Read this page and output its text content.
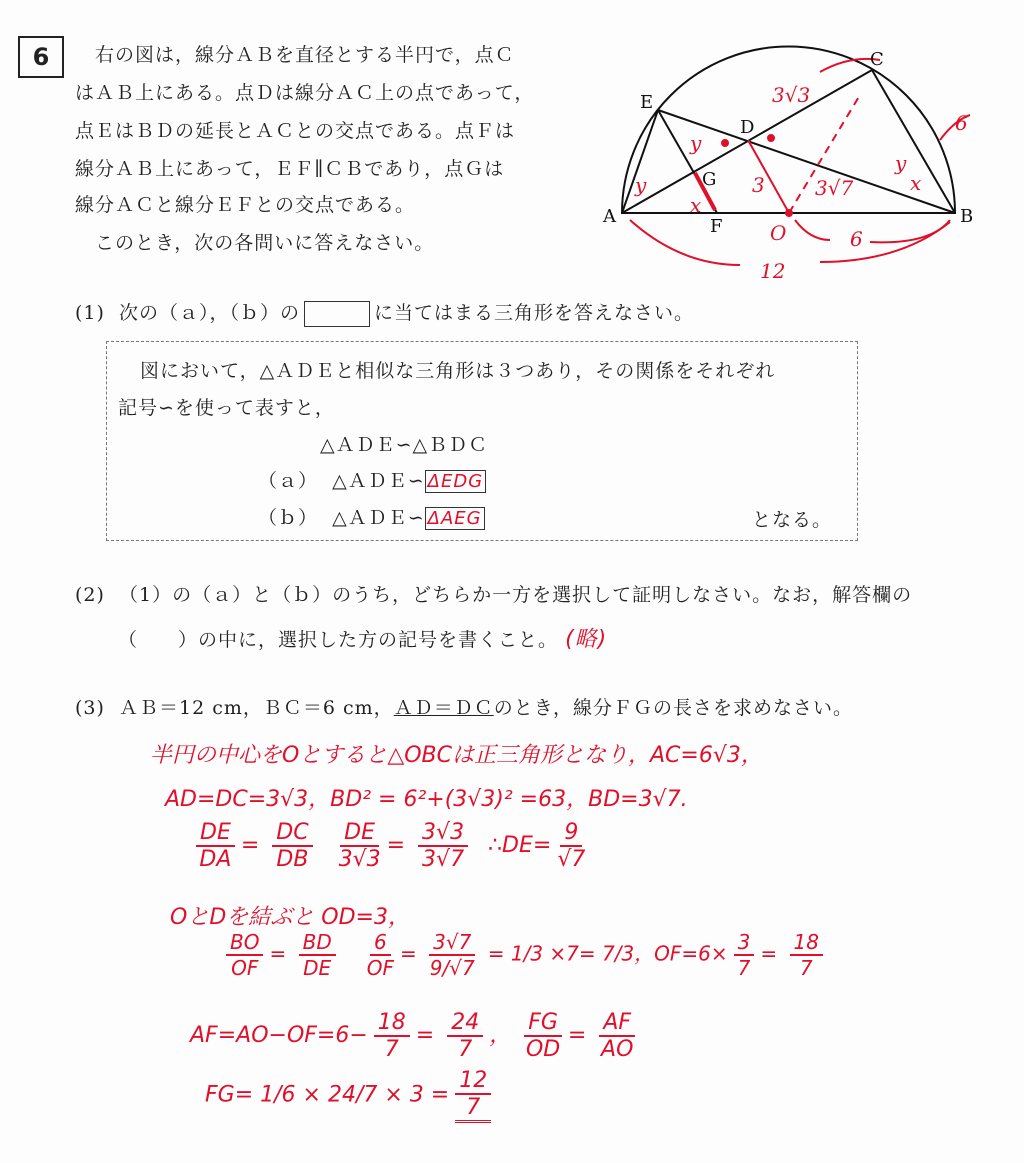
6	右の図は，線分ＡＢを直径とする半円で，点Ｃ
はＡＢ上にある。点Ｄは線分ＡＣ上の点であって，
点ＥはＢＤの延長とＡＣとの交点である。点Ｆは
線分ＡＢ上にあって，ＥＦ∥ＣＢであり，点Ｇは
線分ＡＣと線分ＥＦとの交点である。
このとき，次の各問いに答えなさい。
A	B
C
D
E
F
G
3√3
6
3	3√7
O	6
12
y
y
y
x
x
(1) 次の（ａ），（ｂ）の	に当てはまる三角形を答えなさい。
図において，△ＡＤＥと相似な三角形は３つあり，その関係をそれぞれ
記号∽を使って表すと，
△ＡＤＥ∽△ＢＤＣ
（ａ） △ＡＤＥ∽ ΔEDG
（ｂ） △ＡＤＥ∽ ΔAEG	となる。
(2) （1）の（ａ）と（ｂ）のうち，どちらか一方を選択して証明しなさい。なお，解答欄の
（　　）の中に，選択した方の記号を書くこと。 (略)
(3) ＡＢ＝12 cm，ＢＣ＝6 cm，ＡＤ＝ＤＣのとき，線分ＦＧの長さを求めなさい。
半円の中心をOとすると△OBCは正三角形となり，AC=6√3，
AD=DC=3√3，BD² = 6²+(3√3)² =63，BD=3√7.
$\frac{DE}{DA} = \frac{DC}{DB}$
$\frac{DE}{3√3} = \frac{3√3}{3√7}$ ∴DE= $\frac{9}{√7}$
OとDを結ぶと OD=3，
$\frac{BO}{OF} = \frac{BD}{DE}$
$\frac{6}{OF} = \frac{3√7}{9/√7} = 1/3 \times 7= 7/3$，$OF=6\times \frac{3}{7} = \frac{18}{7}$
$AF=AO-OF=6- \frac{18}{7} = \frac{24}{7}$ ， $\frac{FG}{OD} = \frac{AF}{AO}$
$FG= 1/6 \times 24/7 \times 3 = \frac{12}{7}$
